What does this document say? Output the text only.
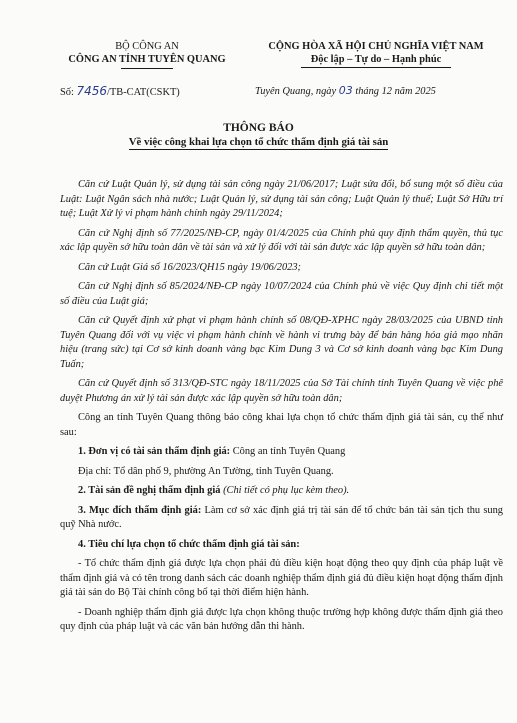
BỘ CÔNG AN
CÔNG AN TỈNH TUYÊN QUANG
CỘNG HÒA XÃ HỘI CHỦ NGHĨA VIỆT NAM
Độc lập – Tự do – Hạnh phúc
Số: 7456/TB-CAT(CSKT)	Tuyên Quang, ngày 03 tháng 12 năm 2025
THÔNG BÁO
Về việc công khai lựa chọn tổ chức thẩm định giá tài sản

Căn cứ Luật Quản lý, sử dụng tài sản công ngày 21/06/2017; Luật sửa đổi, bổ sung một số điều của Luật: Luật Ngân sách nhà nước; Luật Quản lý, sử dụng tài sản công; Luật Quản lý thuế; Luật Sở Hữu trí tuệ; Luật Xử lý vi phạm hành chính ngày 29/11/2024;

Căn cứ Nghị định số 77/2025/NĐ-CP, ngày 01/4/2025 của Chính phủ quy định thẩm quyền, thủ tục xác lập quyền sở hữu toàn dân về tài sản và xử lý đối với tài sản được xác lập quyền sở hữu toàn dân;

Căn cứ Luật Giá số 16/2023/QH15 ngày 19/06/2023;

Căn cứ Nghị định số 85/2024/NĐ-CP ngày 10/07/2024 của Chính phủ về việc Quy định chi tiết một số điều của Luật giá;

Căn cứ Quyết định xử phạt vi phạm hành chính số 08/QĐ-XPHC ngày 28/03/2025 của UBND tỉnh Tuyên Quang đối với vụ việc vi phạm hành chính về hành vi trưng bày để bán hàng hóa giả mạo nhãn hiệu (trang sức) tại Cơ sở kinh doanh vàng bạc Kim Dung 3 và Cơ sở kinh doanh vàng bạc Kim Dung Tuấn;

Căn cứ Quyết định số 313/QĐ-STC ngày 18/11/2025 của Sở Tài chính tỉnh Tuyên Quang về việc phê duyệt Phương án xử lý tài sản được xác lập quyền sở hữu toàn dân;

Công an tỉnh Tuyên Quang thông báo công khai lựa chọn tổ chức thẩm định giá tài sản, cụ thể như sau:

1. Đơn vị có tài sản thẩm định giá: Công an tỉnh Tuyên Quang

Địa chỉ: Tổ dân phố 9, phường An Tường, tỉnh Tuyên Quang.

2. Tài sản đề nghị thẩm định giá (Chi tiết có phụ lục kèm theo).

3. Mục đích thẩm định giá: Làm cơ sở xác định giá trị tài sản để tổ chức bán tài sản tịch thu sung quỹ Nhà nước.

4. Tiêu chí lựa chọn tổ chức thẩm định giá tài sản:

- Tổ chức thẩm định giá được lựa chọn phải đủ điều kiện hoạt động theo quy định của pháp luật về thẩm định giá và có tên trong danh sách các doanh nghiệp thẩm định giá đủ điều kiện hoạt động thẩm định giá tài sản do Bộ Tài chính công bố tại thời điểm hiện hành.

- Doanh nghiệp thẩm định giá được lựa chọn không thuộc trường hợp không được thẩm định giá theo quy định của pháp luật và các văn bản hướng dẫn thi hành.
